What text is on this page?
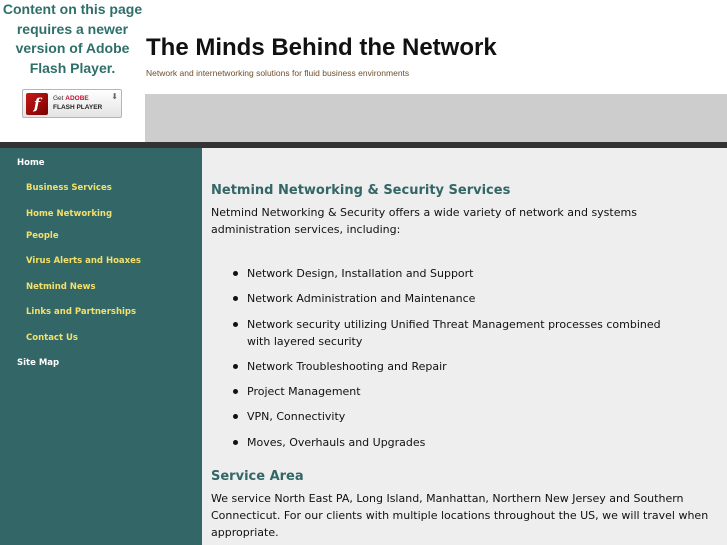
Content on this page requires a newer version of Adobe Flash Player.
f	Get ADOBE
FLASH PLAYER
⬇
The Minds Behind the Network
Network and internetworking solutions for fluid business environments
Home
Business Services
Home Networking
People
Virus Alerts and Hoaxes
Netmind News
Links and Partnerships
Contact Us
Site Map
Netmind Networking & Security Services
Netmind Networking & Security offers a wide variety of network and systems administration services, including:
Network Design, Installation and Support
Network Administration and Maintenance
Network security utilizing Unified Threat Management processes combined with layered security
Network Troubleshooting and Repair
Project Management
VPN, Connectivity
Moves, Overhauls and Upgrades
Service Area
We service North East PA, Long Island, Manhattan, Northern New Jersey and Southern Connecticut. For our clients with multiple locations throughout the US, we will travel when appropriate.
